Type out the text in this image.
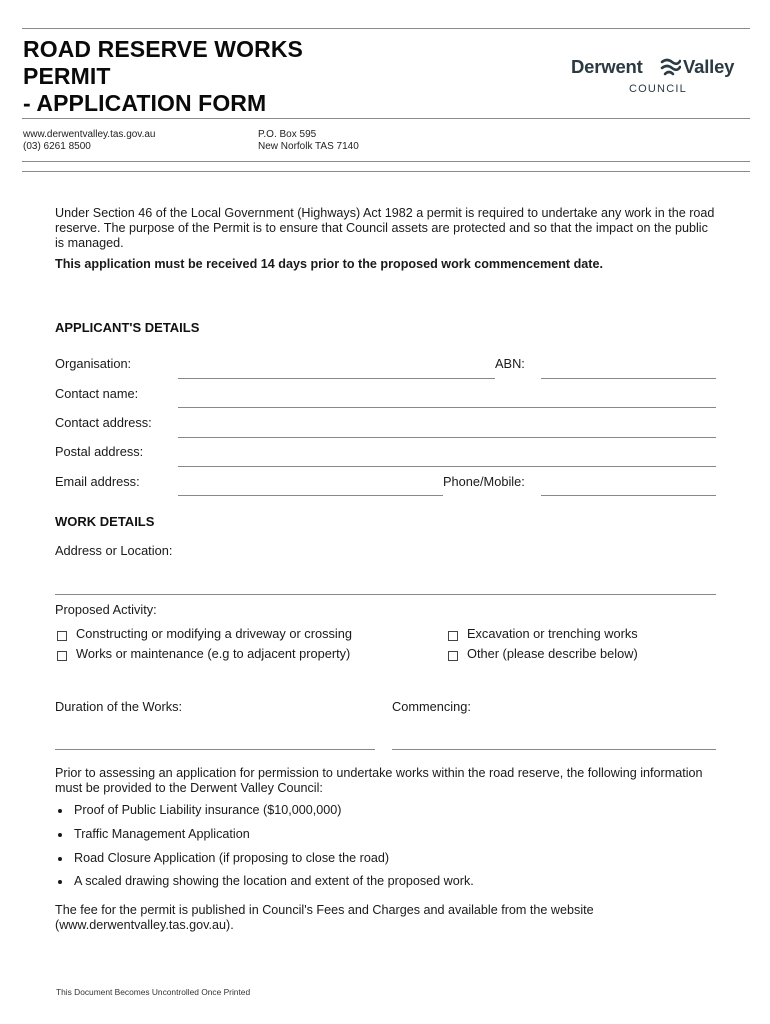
ROAD RESERVE WORKS
PERMIT
- APPLICATION FORM
Derwent Valley
COUNCIL
www.derwentvalley.tas.gov.au
(03) 6261 8500
P.O. Box 595
New Norfolk TAS 7140
Under Section 46 of the Local Government (Highways) Act 1982 a permit is required to undertake any work in the road reserve. The purpose of the Permit is to ensure that Council assets are protected and so that the impact on the public is managed.
This application must be received 14 days prior to the proposed work commencement date.
APPLICANT'S DETAILS
Organisation:	ABN:
Contact name:
Contact address:
Postal address:
Email address:	Phone/Mobile:
WORK DETAILS
Address or Location:
Proposed Activity:
Constructing or modifying a driveway or crossing	Excavation or trenching works
Works or maintenance (e.g to adjacent property)	Other (please describe below)
Duration of the Works:	Commencing:
Prior to assessing an application for permission to undertake works within the road reserve, the following information must be provided to the Derwent Valley Council:
Proof of Public Liability insurance ($10,000,000)
Traffic Management Application
Road Closure Application (if proposing to close the road)
A scaled drawing showing the location and extent of the proposed work.
The fee for the permit is published in Council's Fees and Charges and available from the website (www.derwentvalley.tas.gov.au).
This Document Becomes Uncontrolled Once Printed
